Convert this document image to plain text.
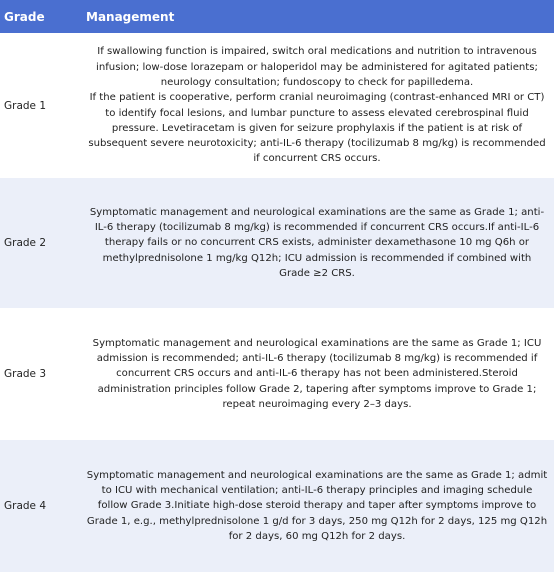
Grade	Management
Grade 1

If swallowing function is impaired, switch oral medications and nutrition to intravenous infusion; low-dose lorazepam or haloperidol may be administered for agitated patients; neurology consultation; fundoscopy to check for papilledema.

If the patient is cooperative, perform cranial neuroimaging (contrast-enhanced MRI or CT) to identify focal lesions, and lumbar puncture to assess elevated cerebrospinal fluid pressure. Levetiracetam is given for seizure prophylaxis if the patient is at risk of subsequent severe neurotoxicity; anti-IL-6 therapy (tocilizumab 8 mg/kg) is recommended if concurrent CRS occurs.

Grade 2

Symptomatic management and neurological examinations are the same as Grade 1; anti-IL-6 therapy (tocilizumab 8 mg/kg) is recommended if concurrent CRS occurs.If anti-IL-6 therapy fails or no concurrent CRS exists, administer dexamethasone 10 mg Q6h or methylprednisolone 1 mg/kg Q12h; ICU admission is recommended if combined with Grade ≥2 CRS.

Grade 3

Symptomatic management and neurological examinations are the same as Grade 1; ICU admission is recommended; anti-IL-6 therapy (tocilizumab 8 mg/kg) is recommended if concurrent CRS occurs and anti-IL-6 therapy has not been administered.Steroid administration principles follow Grade 2, tapering after symptoms improve to Grade 1; repeat neuroimaging every 2–3 days.

Grade 4

Symptomatic management and neurological examinations are the same as Grade 1; admit to ICU with mechanical ventilation; anti-IL-6 therapy principles and imaging schedule follow Grade 3.Initiate high-dose steroid therapy and taper after symptoms improve to Grade 1, e.g., methylprednisolone 1 g/d for 3 days, 250 mg Q12h for 2 days, 125 mg Q12h for 2 days, 60 mg Q12h for 2 days.
